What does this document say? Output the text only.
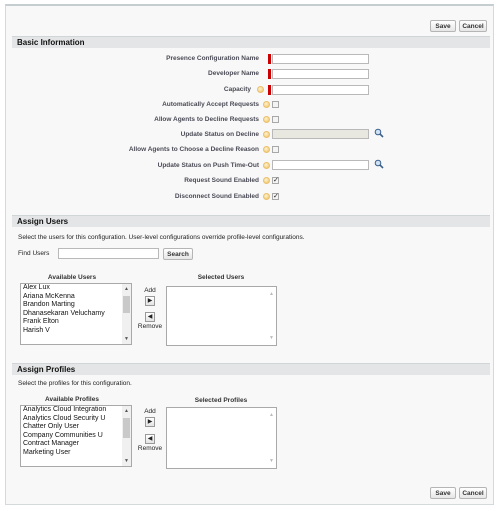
Save	Cancel
Basic Information
Presence Configuration Name
Developer Name
Capacity
Automatically Accept Requests
Allow Agents to Decline Requests
Update Status on Decline
Allow Agents to Choose a Decline Reason
Update Status on Push Time-Out
Request Sound Enabled ✓
Disconnect Sound Enabled ✓
Assign Users
Select the users for this configuration. User-level configurations override profile-level configurations.
Find Users	Search
Available Users	Selected Users
Alex Lux
Ariana McKenna
Brandon Marting
Dhanasekaran Veluchamy
Frank Elton
Harish V
▲
▼
Add
▶
◀
Remove
▲
▼
Assign Profiles
Select the profiles for this configuration.
Available Profiles	Selected Profiles
Analytics Cloud Integration
Analytics Cloud Security U
Chatter Only User
Company Communities U
Contract Manager
Marketing User
▲
▼
Add
▶
◀
Remove
▲
▼
Save	Cancel
